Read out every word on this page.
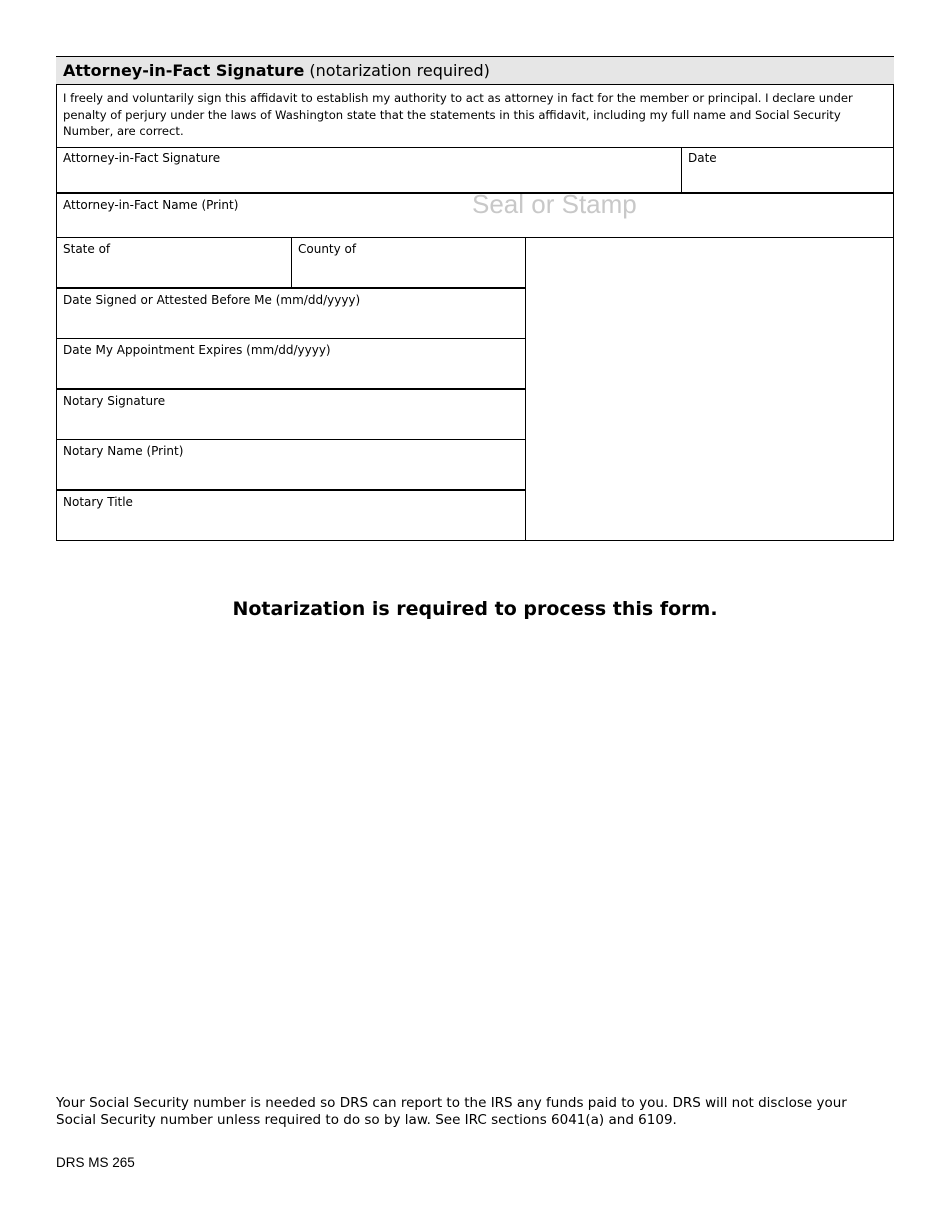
Attorney-in-Fact Signature (notarization required)
I freely and voluntarily sign this affidavit to establish my authority to act as attorney in fact for the member or principal. I declare under penalty of perjury under the laws of Washington state that the statements in this affidavit, including my full name and Social Security Number, are correct.
Attorney-in-Fact Signature	Date
Attorney-in-Fact Name (Print)
State of	County of
Date Signed or Attested Before Me (mm/dd/yyyy)
Date My Appointment Expires (mm/dd/yyyy)
Notary Signature
Notary Name (Print)
Notary Title
Seal or Stamp
Notarization is required to process this form.
Your Social Security number is needed so DRS can report to the IRS any funds paid to you. DRS will not disclose your Social Security number unless required to do so by law. See IRC sections 6041(a) and 6109.
DRS MS 265
